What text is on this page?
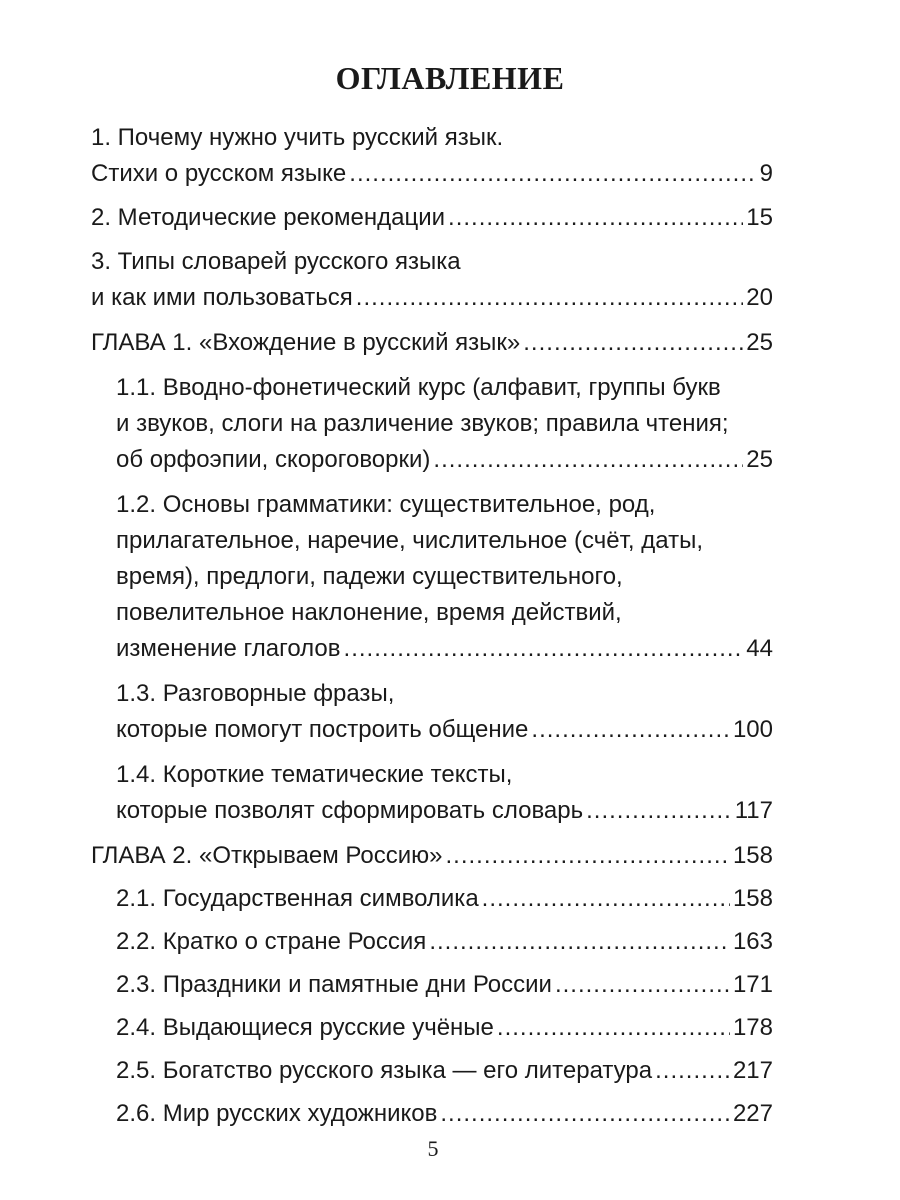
ОГЛАВЛЕНИЕ
1. Почему нужно учить русский язык.
Стихи о русском языке .....	9
2. Методические рекомендации .....	15
3. Типы словарей русского языка
и как ими пользоваться .....	20
ГЛАВА 1. «Вхождение в русский язык» .....	25
1.1. Вводно-фонетический курс (алфавит, группы букв
и звуков, слоги на различение звуков; правила чтения;
об орфоэпии, скороговорки) .....	25
1.2. Основы грамматики: существительное, род,
прилагательное, наречие, числительное (счёт, даты,
время), предлоги, падежи существительного,
повелительное наклонение, время действий,
изменение глаголов .....	44
1.3. Разговорные фразы,
которые помогут построить общение .....	100
1.4. Короткие тематические тексты,
которые позволят сформировать словарь .....	117
ГЛАВА 2. «Открываем Россию» .....	158
2.1. Государственная символика .....	158
2.2. Кратко о стране Россия .....	163
2.3. Праздники и памятные дни России .....	171
2.4. Выдающиеся русские учёные .....	178
2.5. Богатство русского языка — его литература .....	217
2.6. Мир русских художников .....	227
5
